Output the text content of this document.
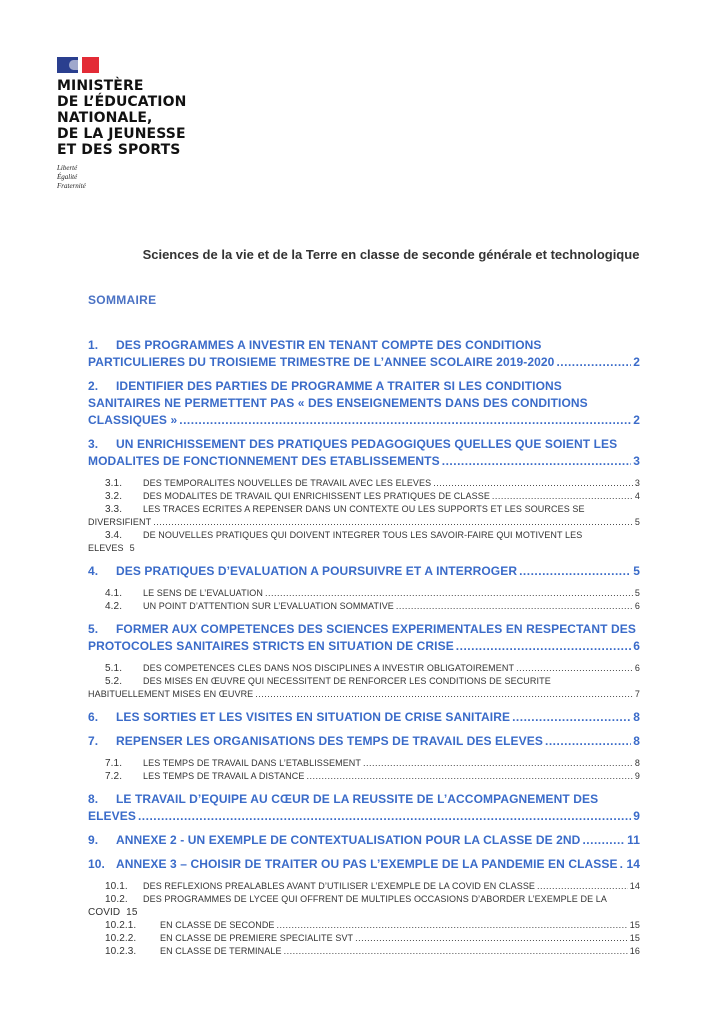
MINISTÈRE
DE L’ÉDUCATION
NATIONALE,
DE LA JEUNESSE
ET DES SPORTS
Liberté
Égalité
Fraternité
Sciences de la vie et de la Terre en classe de seconde générale et technologique
SOMMAIRE
1. DES PROGRAMMES A INVESTIR EN TENANT COMPTE DES CONDITIONS
PARTICULIERES DU TROISIEME TRIMESTRE DE L’ANNEE SCOLAIRE 2019-2020 .....	2
2. IDENTIFIER DES PARTIES DE PROGRAMME A TRAITER SI LES CONDITIONS
SANITAIRES NE PERMETTENT PAS « DES ENSEIGNEMENTS DANS DES CONDITIONS
CLASSIQUES » .....	2
3. UN ENRICHISSEMENT DES PRATIQUES PEDAGOGIQUES QUELLES QUE SOIENT LES
MODALITES DE FONCTIONNEMENT DES ETABLISSEMENTS .....	3
3.1.	DES TEMPORALITES NOUVELLES DE TRAVAIL AVEC LES ELEVES .....	3
3.2.	DES MODALITES DE TRAVAIL QUI ENRICHISSENT LES PRATIQUES DE CLASSE .....	4
3.3. LES TRACES ECRITES A REPENSER DANS UN CONTEXTE OU LES SUPPORTS ET LES SOURCES SE
DIVERSIFIENT .....	5
3.4. DE NOUVELLES PRATIQUES QUI DOIVENT INTEGRER TOUS LES SAVOIR-FAIRE QUI MOTIVENT LES
ELEVES 5
4.	DES PRATIQUES D’EVALUATION A POURSUIVRE ET A INTERROGER .....	5
4.1.	LE SENS DE L’EVALUATION .....	5
4.2.	UN POINT D’ATTENTION SUR L’EVALUATION SOMMATIVE .....	6
5. FORMER AUX COMPETENCES DES SCIENCES EXPERIMENTALES EN RESPECTANT DES
PROTOCOLES SANITAIRES STRICTS EN SITUATION DE CRISE .....	6
5.1.	DES COMPETENCES CLES DANS NOS DISCIPLINES A INVESTIR OBLIGATOIREMENT .....	6
5.2. DES MISES EN ŒUVRE QUI NECESSITENT DE RENFORCER LES CONDITIONS DE SECURITE
HABITUELLEMENT MISES EN ŒUVRE .....	7
6.	LES SORTIES ET LES VISITES EN SITUATION DE CRISE SANITAIRE .....	8
7.	REPENSER LES ORGANISATIONS DES TEMPS DE TRAVAIL DES ELEVES .....	8
7.1.	LES TEMPS DE TRAVAIL DANS L’ETABLISSEMENT .....	8
7.2.	LES TEMPS DE TRAVAIL A DISTANCE .....	9
8. LE TRAVAIL D’EQUIPE AU CŒUR DE LA REUSSITE DE L’ACCOMPAGNEMENT DES
ELEVES .....	9
9.	ANNEXE 2 - UN EXEMPLE DE CONTEXTUALISATION POUR LA CLASSE DE 2ND .....	11
10. ANNEXE 3 – CHOISIR DE TRAITER OU PAS L’EXEMPLE DE LA PANDEMIE EN CLASSE ..... 14
10.1.	DES REFLEXIONS PREALABLES AVANT D’UTILISER L’EXEMPLE DE LA COVID EN CLASSE .....	14
10.2. DES PROGRAMMES DE LYCEE QUI OFFRENT DE MULTIPLES OCCASIONS D’ABORDER L’EXEMPLE DE LA
COVID 15
10.2.1.	EN CLASSE DE SECONDE .....	15
10.2.2.	EN CLASSE DE PREMIERE SPECIALITE SVT .....	15
10.2.3.	EN CLASSE DE TERMINALE .....	16
